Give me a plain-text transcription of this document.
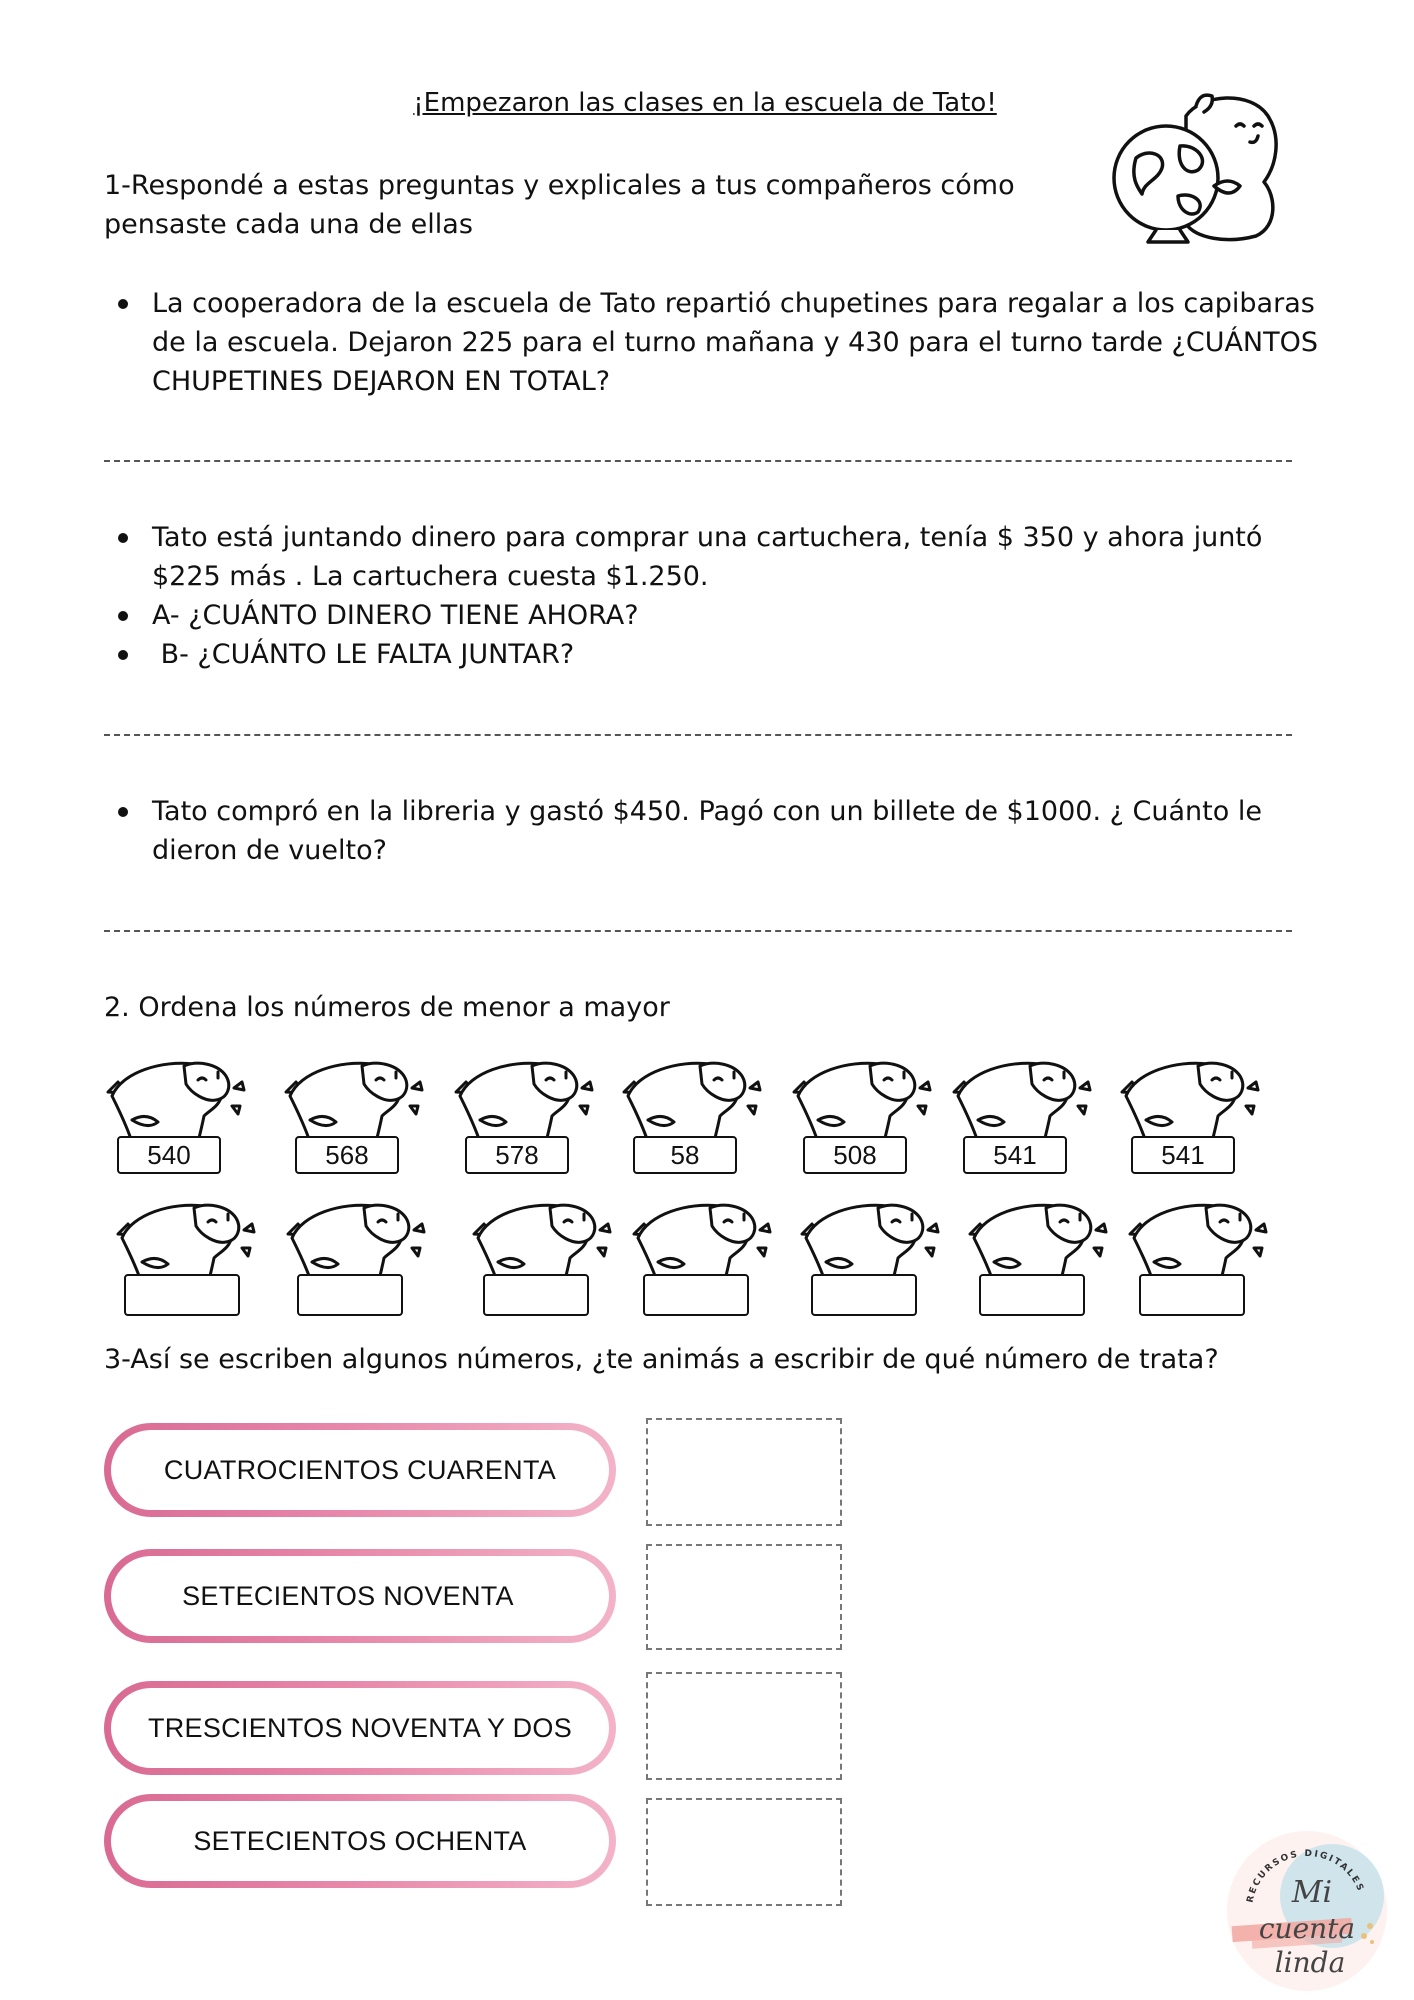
¡Empezaron las clases en la escuela de Tato!
1-Respondé a estas preguntas y explicales a tus compañeros cómo
pensaste cada una de ellas
La cooperadora de la escuela de Tato repartió chupetines para regalar a los capibaras
de la escuela. Dejaron 225 para el turno mañana y 430 para el turno tarde ¿CUÁNTOS
CHUPETINES DEJARON EN TOTAL?
Tato está juntando dinero para comprar una cartuchera, tenía $ 350 y ahora juntó
$225 más . La cartuchera cuesta $1.250.
A- ¿CUÁNTO DINERO TIENE AHORA?
B- ¿CUÁNTO LE FALTA JUNTAR?
Tato compró en la libreria y gastó $450. Pagó con un billete de $1000. ¿ Cuánto le
dieron de vuelto?
2. Ordena los números de menor a mayor
540	568	578	58	508	541	541
3-Así se escriben algunos números, ¿te animás a escribir de qué número de trata?
CUATROCIENTOS CUARENTA
SETECIENTOS NOVENTA
TRESCIENTOS NOVENTA Y DOS
SETECIENTOS OCHENTA
RECURSOS DIGITALES
Mi
cuenta
linda
